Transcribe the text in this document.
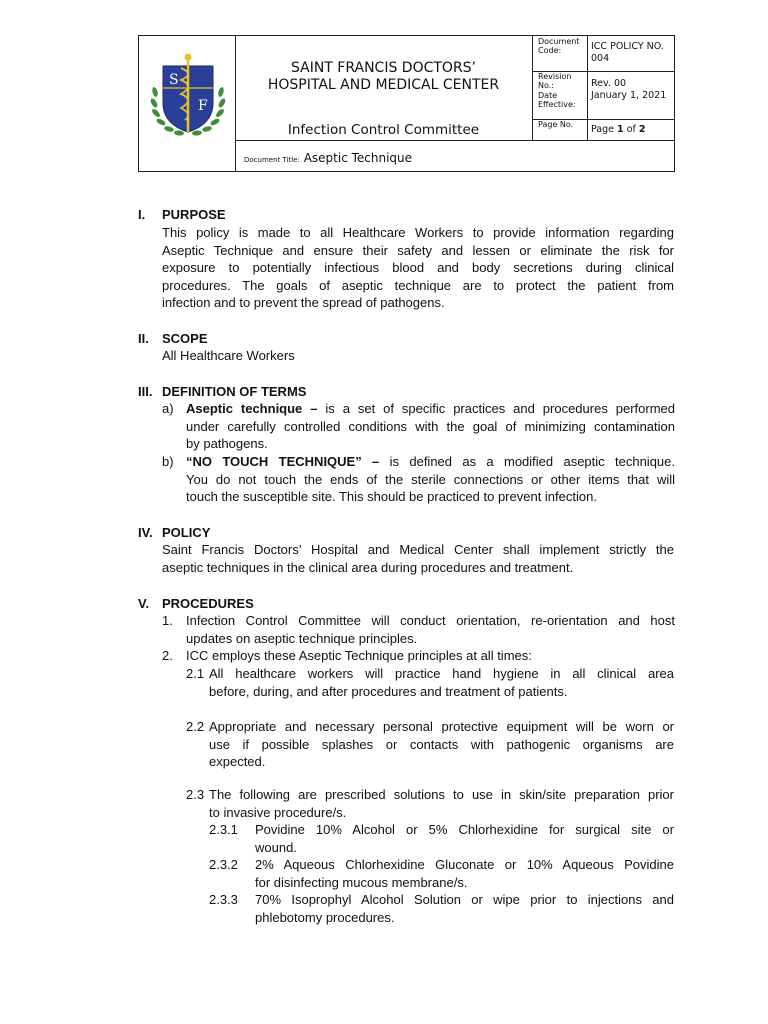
S
F
SAINT FRANCIS DOCTORS’
HOSPITAL AND MEDICAL CENTER
Infection Control Committee
Document Title: Aseptic Technique
Document Code:	ICC POLICY NO. 004
Revision No.:
Date Effective:
Rev. 00
January 1, 2021
Page No.	Page 1 of 2
I. PURPOSE
This policy is made to all Healthcare Workers to provide information regarding
Aseptic Technique and ensure their safety and lessen or eliminate the risk for
exposure to potentially infectious blood and body secretions during clinical
procedures. The goals of aseptic technique are to protect the patient from
infection and to prevent the spread of pathogens.
II. SCOPE
All Healthcare Workers
III. DEFINITION OF TERMS
a) Aseptic technique – is a set of specific practices and procedures performed
under carefully controlled conditions with the goal of minimizing contamination
by pathogens.
b) “NO TOUCH TECHNIQUE” – is defined as a modified aseptic technique.
You do not touch the ends of the sterile connections or other items that will
touch the susceptible site. This should be practiced to prevent infection.
IV. POLICY
Saint Francis Doctors’ Hospital and Medical Center shall implement strictly the
aseptic techniques in the clinical area during procedures and treatment.
V. PROCEDURES
1. Infection Control Committee will conduct orientation, re-orientation and host
updates on aseptic technique principles.
2. ICC employs these Aseptic Technique principles at all times:
2.1 All healthcare workers will practice hand hygiene in all clinical area
before, during, and after procedures and treatment of patients.
2.2 Appropriate and necessary personal protective equipment will be worn or
use if possible splashes or contacts with pathogenic organisms are
expected.
2.3 The following are prescribed solutions to use in skin/site preparation prior
to invasive procedure/s.
2.3.1 Povidine 10% Alcohol or 5% Chlorhexidine for surgical site or
wound.
2.3.2 2% Aqueous Chlorhexidine Gluconate or 10% Aqueous Povidine
for disinfecting mucous membrane/s.
2.3.3 70% Isoprophyl Alcohol Solution or wipe prior to injections and
phlebotomy procedures.
